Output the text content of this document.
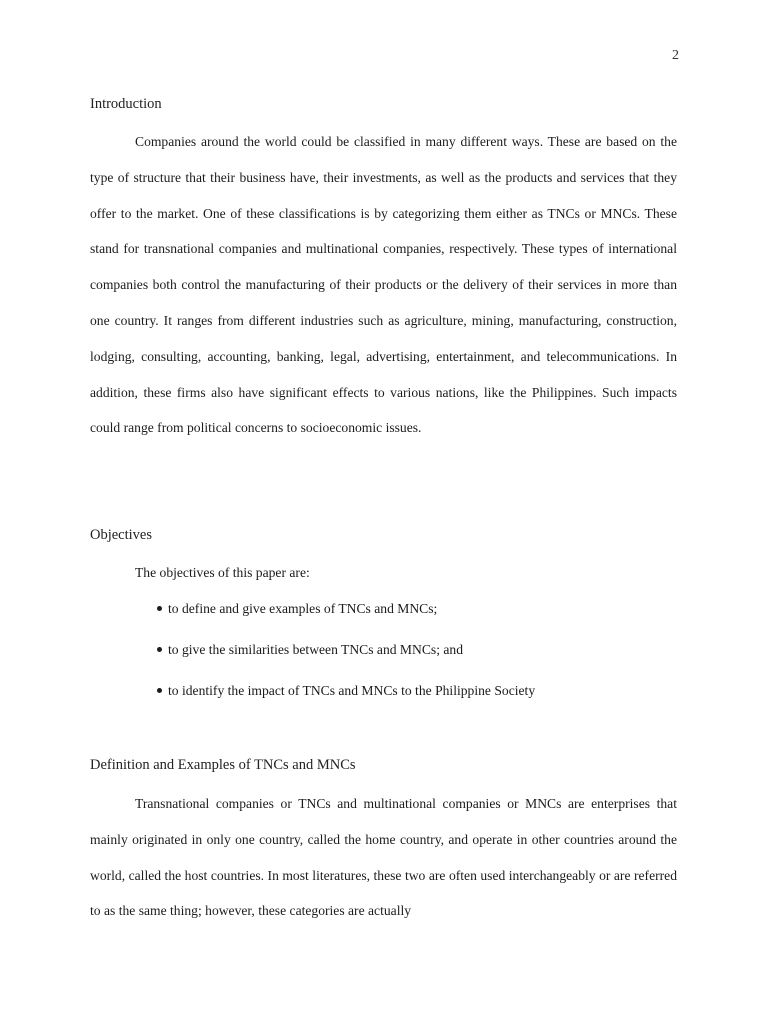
2
Introduction

Companies around the world could be classified in many different ways. These are based on the type of structure that their business have, their investments, as well as the products and services that they offer to the market. One of these classifications is by categorizing them either as TNCs or MNCs. These stand for transnational companies and multinational companies, respectively. These types of international companies both control the manufacturing of their products or the delivery of their services in more than one country. It ranges from different industries such as agriculture, mining, manufacturing, construction, lodging, consulting, accounting, banking, legal, advertising, entertainment, and telecommunications. In addition, these firms also have significant effects to various nations, like the Philippines. Such impacts could range from political concerns to socioeconomic issues.

Objectives
The objectives of this paper are:
to define and give examples of TNCs and MNCs;
to give the similarities between TNCs and MNCs; and
to identify the impact of TNCs and MNCs to the Philippine Society
Definition and Examples of TNCs and MNCs

Transnational companies or TNCs and multinational companies or MNCs are enterprises that mainly originated in only one country, called the home country, and operate in other countries around the world, called the host countries. In most literatures, these two are often used interchangeably or are referred to as the same thing; however, these categories are actually
